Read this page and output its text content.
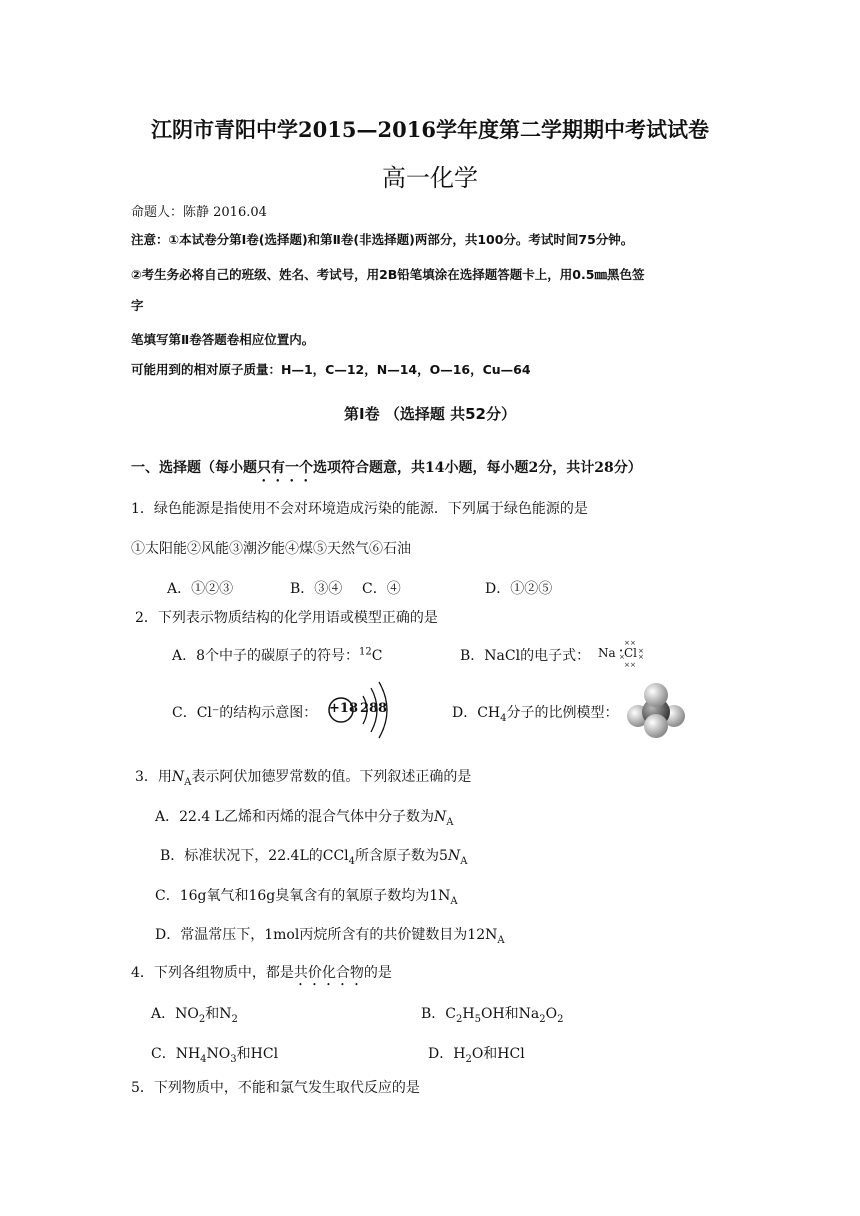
江阴市青阳中学2015—2016学年度第二学期期中考试试卷
高一化学
命题人：陈静 2016.04
注意：①本试卷分第Ⅰ卷(选择题)和第Ⅱ卷(非选择题)两部分，共100分。考试时间75分钟。
②考生务必将自己的班级、姓名、考试号，用2B铅笔填涂在选择题答题卡上，用0.5㎜黑色签
字
笔填写第Ⅱ卷答题卷相应位置内。
可能用到的相对原子质量：H—1，C—12，N—14，O—16，Cu—64
第Ⅰ卷 （选择题 共52分）
一、选择题（每小题只有一个选项符合题意，共14小题，每小题2分，共计28分）
1．绿色能源是指使用不会对环境造成污染的能源．下列属于绿色能源的是
①太阳能②风能③潮汐能④煤⑤天然气⑥石油
A．①②③	B．③④ C．④	D．①②⑤
2．下列表示物质结构的化学用语或模型正确的是
A．8个中子的碳原子的符号：$^{12}$C	B．NaCl的电子式： Na Cl
× ×
× ×
×
×
•
×
C．Cl⁻的结构示意图： +18 2 8 8	D．$CH_4$分子的比例模型：
3．用$N_A$表示阿伏加德罗常数的值。下列叙述正确的是
A．22.4 L乙烯和丙烯的混合气体中分子数为$N_A$
B．标准状况下，22.4L的CCl$_4$所含原子数为$5N_A$
C．16g氧气和16g臭氧含有的氧原子数均为$1N_A$
D．常温常压下，1mol丙烷所含有的共价键数目为$12N_A$
4．下列各组物质中，都是共价化合物的是
A．$NO_2$和$N_2$	B．$C_2H_5OH$和$Na_2O_2$
C．$NH_4NO_3$和HCl	D．$H_2O$和HCl
5．下列物质中，不能和氯气发生取代反应的是
